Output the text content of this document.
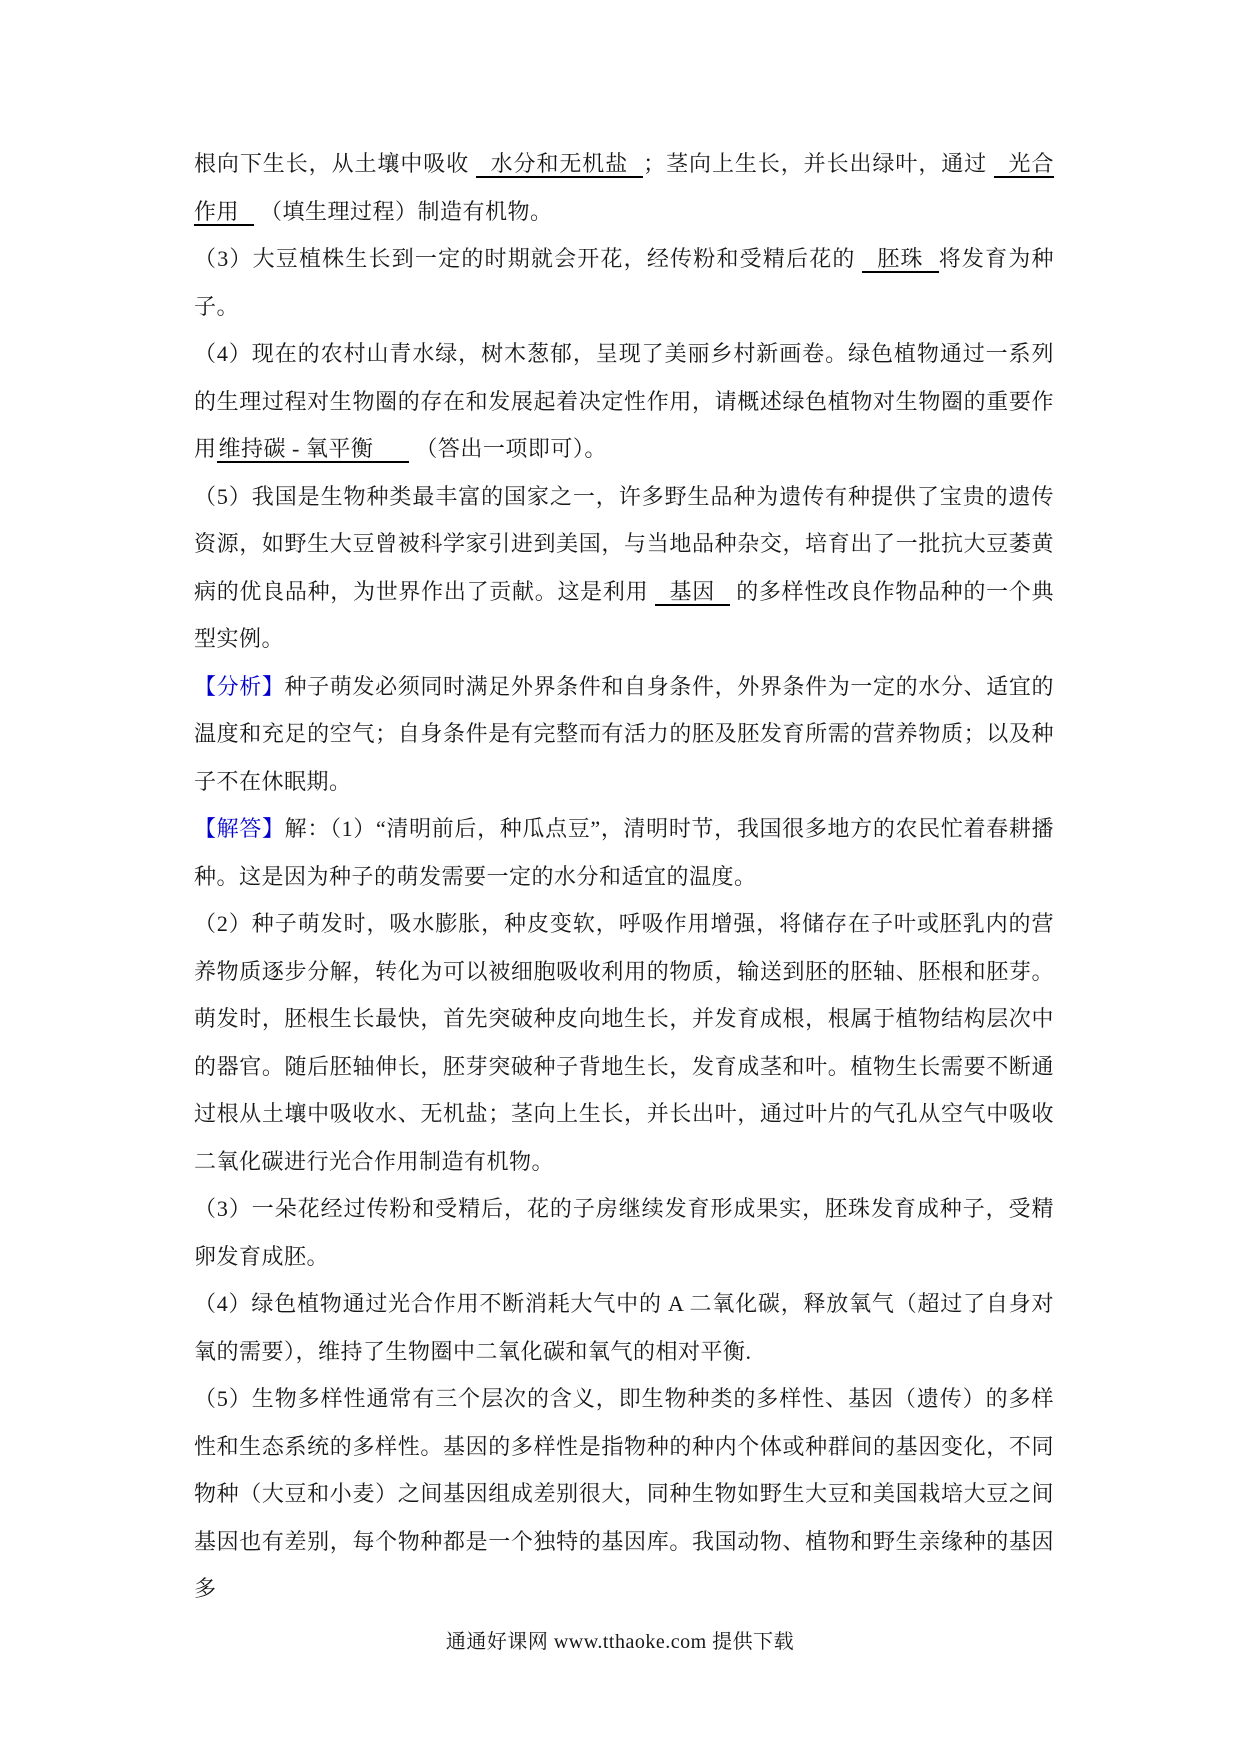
根向下生长，从土壤中吸收 水分和无机盐 ；茎向上生长，并长出绿叶，通过 光合作用 （填生理过程）制造有机物。

（3）大豆植株生长到一定的时期就会开花，经传粉和受精后花的 胚珠 将发育为种子。

（4）现在的农村山青水绿，树木葱郁，呈现了美丽乡村新画卷。绿色植物通过一系列的生理过程对生物圈的存在和发展起着决定性作用，请概述绿色植物对生物圈的重要作用维持碳 - 氧平衡 （答出一项即可）。

（5）我国是生物种类最丰富的国家之一，许多野生品种为遗传有种提供了宝贵的遗传资源，如野生大豆曾被科学家引进到美国，与当地品种杂交，培育出了一批抗大豆萎黄病的优良品种，为世界作出了贡献。这是利用 基因 的多样性改良作物品种的一个典型实例。

【分析】种子萌发必须同时满足外界条件和自身条件，外界条件为一定的水分、适宜的温度和充足的空气；自身条件是有完整而有活力的胚及胚发育所需的营养物质；以及种子不在休眠期。

【解答】解：（1）“清明前后，种瓜点豆”，清明时节，我国很多地方的农民忙着春耕播种。这是因为种子的萌发需要一定的水分和适宜的温度。

（2）种子萌发时，吸水膨胀，种皮变软，呼吸作用增强，将储存在子叶或胚乳内的营养物质逐步分解，转化为可以被细胞吸收利用的物质，输送到胚的胚轴、胚根和胚芽。萌发时，胚根生长最快，首先突破种皮向地生长，并发育成根，根属于植物结构层次中的器官。随后胚轴伸长，胚芽突破种子背地生长，发育成茎和叶。植物生长需要不断通过根从土壤中吸收水、无机盐；茎向上生长，并长出叶，通过叶片的气孔从空气中吸收二氧化碳进行光合作用制造有机物。

（3）一朵花经过传粉和受精后，花的子房继续发育形成果实，胚珠发育成种子，受精卵发育成胚。

（4）绿色植物通过光合作用不断消耗大气中的 A 二氧化碳，释放氧气（超过了自身对氧的需要），维持了生物圈中二氧化碳和氧气的相对平衡.

（5）生物多样性通常有三个层次的含义，即生物种类的多样性、基因（遗传）的多样性和生态系统的多样性。基因的多样性是指物种的种内个体或种群间的基因变化，不同物种（大豆和小麦）之间基因组成差别很大，同种生物如野生大豆和美国栽培大豆之间基因也有差别，每个物种都是一个独特的基因库。我国动物、植物和野生亲缘种的基因多

通通好课网 www.tthaoke.com 提供下载
